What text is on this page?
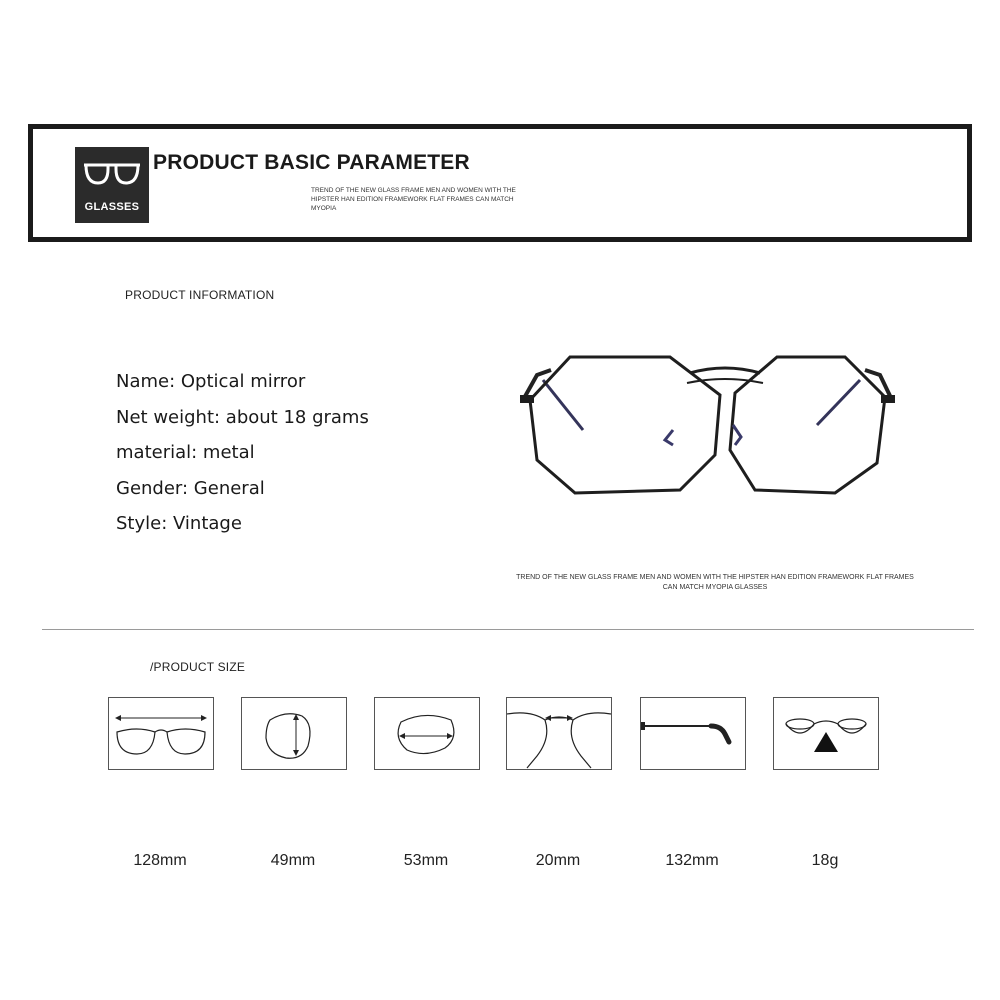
GLASSES
PRODUCT BASIC PARAMETER
TREND OF THE NEW GLASS FRAME MEN AND WOMEN WITH THE HIPSTER HAN EDITION FRAMEWORK FLAT FRAMES CAN MATCH MYOPIA
PRODUCT INFORMATION
Name: Optical mirror
Net weight: about 18 grams
material: metal
Gender: General
Style: Vintage
TREND OF THE NEW GLASS FRAME MEN AND WOMEN WITH THE HIPSTER HAN EDITION FRAMEWORK FLAT FRAMES CAN MATCH MYOPIA GLASSES
/PRODUCT SIZE
128mm	49mm	53mm	20mm	132mm	18g
